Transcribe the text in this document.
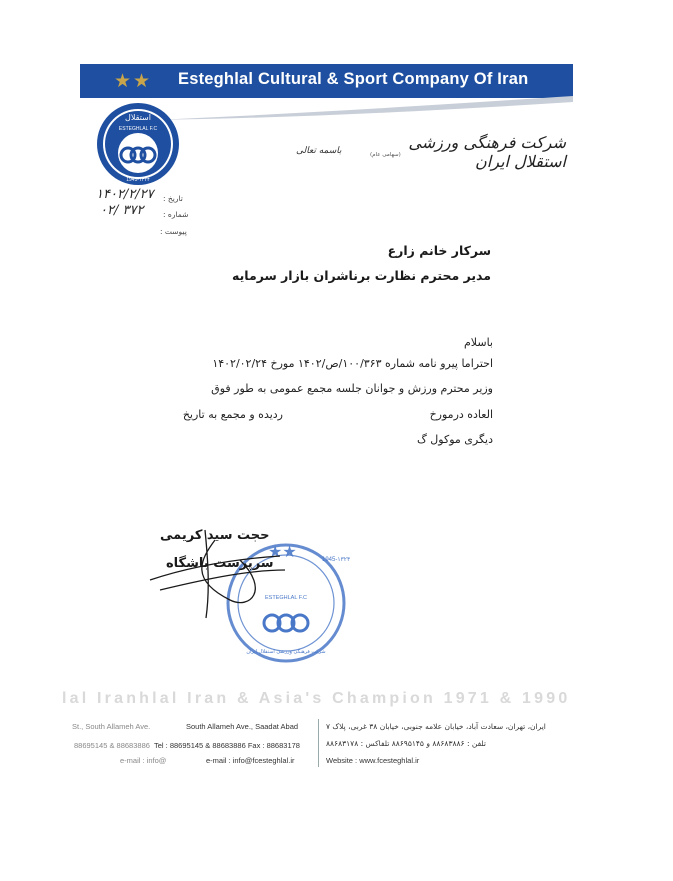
★★ Esteghlal Cultural & Sport Company Of Iran
استقلال
ESTEGHLAL F.C
1945-۱۳۲۴
شرکت فرهنگی ورزشی استقلال ایران
(سهامی عام)
باسمه تعالی
تاریخ :
۱۴۰۲/۲/۲۷
شماره :
۰۲/ ۳۷۲
پیوست :
سرکار خانم زارع
مدیر محترم نظارت برناشران بازار سرمایه
باسلام
احتراما پیرو نامه شماره ۱۰۰/۳۶۳/ص/۱۴۰۲ مورخ ۱۴۰۲/۰۲/۲۴
وزیر محترم ورزش و جوانان جلسه مجمع عمومی به طور فوق
العاده درمورخ
ردیده و مجمع به تاریخ
دیگری موکول گ
★★	1945-۱۳۲۴
ESTEGHLAL F.C
شرکت فرهنگی ورزشی استقلال ایران
حجت سید کریمی
سرپرست باشگاه
lal Iranhlal Iran & Asia's Champion 1971 & 1990
St., South Allameh Ave.	South Allameh Ave., Saadat Abad
88695145 & 88683886 Tel : 88695145 & 88683886 Fax : 88683178
e-mail : info@	e-mail : info@fcesteghlal.ir
ایران، تهران، سعادت آباد، خیابان علامه جنوبی، خیابان ۳۸ غربی، پلاک ۷
تلفن : ۸۸۶۸۳۸۸۶ و ۸۸۶۹۵۱۴۵ تلفاکس : ۸۸۶۸۳۱۷۸
Website : www.fcesteghlal.ir
